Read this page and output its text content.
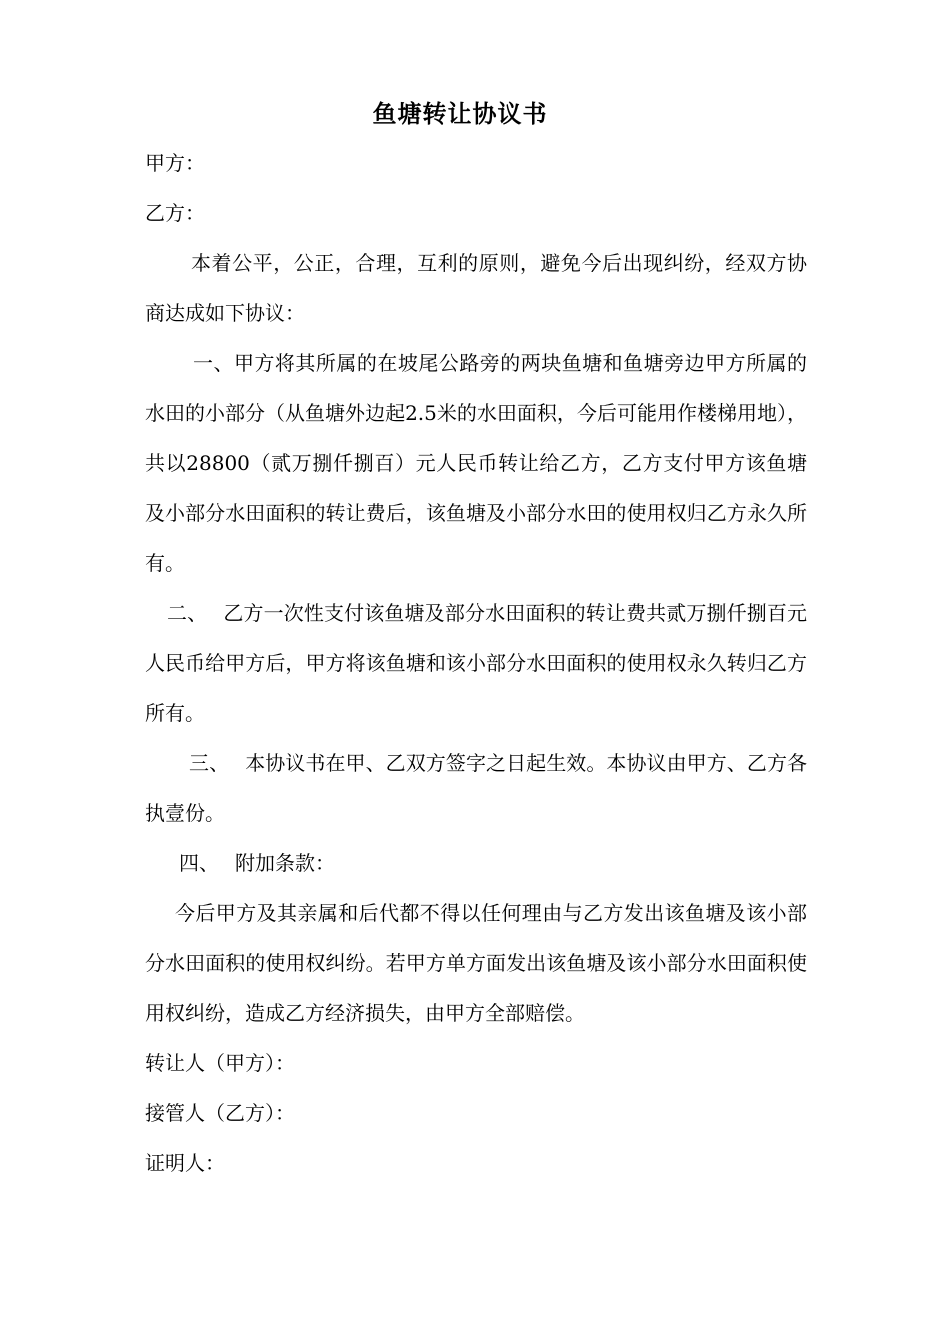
鱼塘转让协议书

甲方：

乙方：

本着公平，公正，合理，互利的原则，避免今后出现纠纷，经双方协商达成如下协议：

一、甲方将其所属的在坡尾公路旁的两块鱼塘和鱼塘旁边甲方所属的水田的小部分（从鱼塘外边起2.5米的水田面积，今后可能用作楼梯用地），共以28800（贰万捌仟捌百）元人民币转让给乙方，乙方支付甲方该鱼塘及小部分水田面积的转让费后，该鱼塘及小部分水田的使用权归乙方永久所有。

二、 乙方一次性支付该鱼塘及部分水田面积的转让费共贰万捌仟捌百元人民币给甲方后，甲方将该鱼塘和该小部分水田面积的使用权永久转归乙方所有。

三、 本协议书在甲、乙双方签字之日起生效。本协议由甲方、乙方各执壹份。

四、 附加条款：

今后甲方及其亲属和后代都不得以任何理由与乙方发出该鱼塘及该小部分水田面积的使用权纠纷。若甲方单方面发出该鱼塘及该小部分水田面积使用权纠纷，造成乙方经济损失，由甲方全部赔偿。

转让人（甲方）：

接管人（乙方）：

证明人：
